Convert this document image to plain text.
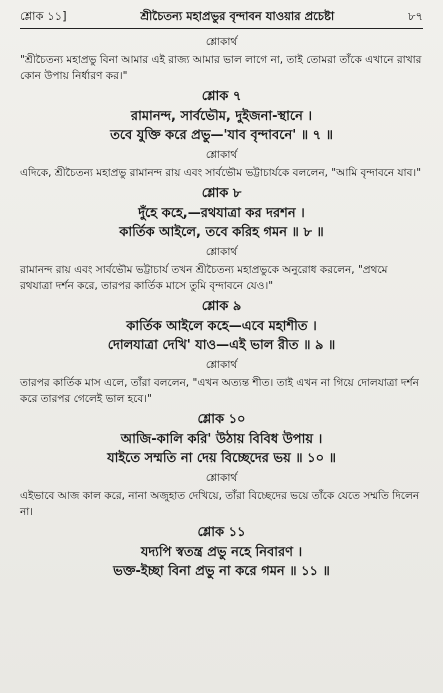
শ্লোক ১১]	শ্রীচৈতন্য মহাপ্রভুর বৃন্দাবন যাওয়ার প্রচেষ্টা	৮৭
শ্লোকার্থ

"শ্রীচৈতন্য মহাপ্রভু বিনা আমার এই রাজ্য আমার ভাল লাগে না, তাই তোমরা তাঁকে এখানে রাখার কোন উপায় নির্ধারণ কর।"

শ্লোক ৭
রামানন্দ, সার্বভৌম, দুইজনা-স্থানে ।
তবে যুক্তি করে প্রভু—'যাব বৃন্দাবনে' ॥ ৭ ॥
শ্লোকার্থ

এদিকে, শ্রীচৈতন্য মহাপ্রভু রামানন্দ রায় এবং সার্বভৌম ভট্টাচার্যকে বললেন, "আমি বৃন্দাবনে যাব।"

শ্লোক ৮
দুঁহে কহে,—রথযাত্রা কর দরশন ।
কার্তিক আইলে, তবে করিহ গমন ॥ ৮ ॥
শ্লোকার্থ

রামানন্দ রায় এবং সার্বভৌম ভট্টাচার্য তখন শ্রীচৈতন্য মহাপ্রভুকে অনুরোধ করলেন, "প্রথমে রথযাত্রা দর্শন করে, তারপর কার্তিক মাসে তুমি বৃন্দাবনে যেও।"

শ্লোক ৯
কার্তিক আইলে কহে—এবে মহাশীত ।
দোলযাত্রা দেখি' যাও—এই ভাল রীত ॥ ৯ ॥
শ্লোকার্থ

তারপর কার্তিক মাস এলে, তাঁরা বললেন, "এখন অত্যন্ত শীত। তাই এখন না গিয়ে দোলযাত্রা দর্শন করে তারপর গেলেই ভাল হবে।"

শ্লোক ১০
আজি-কালি করি' উঠায় বিবিধ উপায় ।
যাইতে সম্মতি না দেয় বিচ্ছেদের ভয় ॥ ১০ ॥
শ্লোকার্থ

এইভাবে আজ কাল করে, নানা অজুহাত দেখিয়ে, তাঁরা বিচ্ছেদের ভয়ে তাঁকে যেতে সম্মতি দিলেন না।

শ্লোক ১১
যদ্যপি স্বতন্ত্র প্রভু নহে নিবারণ ।
ভক্ত-ইচ্ছা বিনা প্রভু না করে গমন ॥ ১১ ॥
